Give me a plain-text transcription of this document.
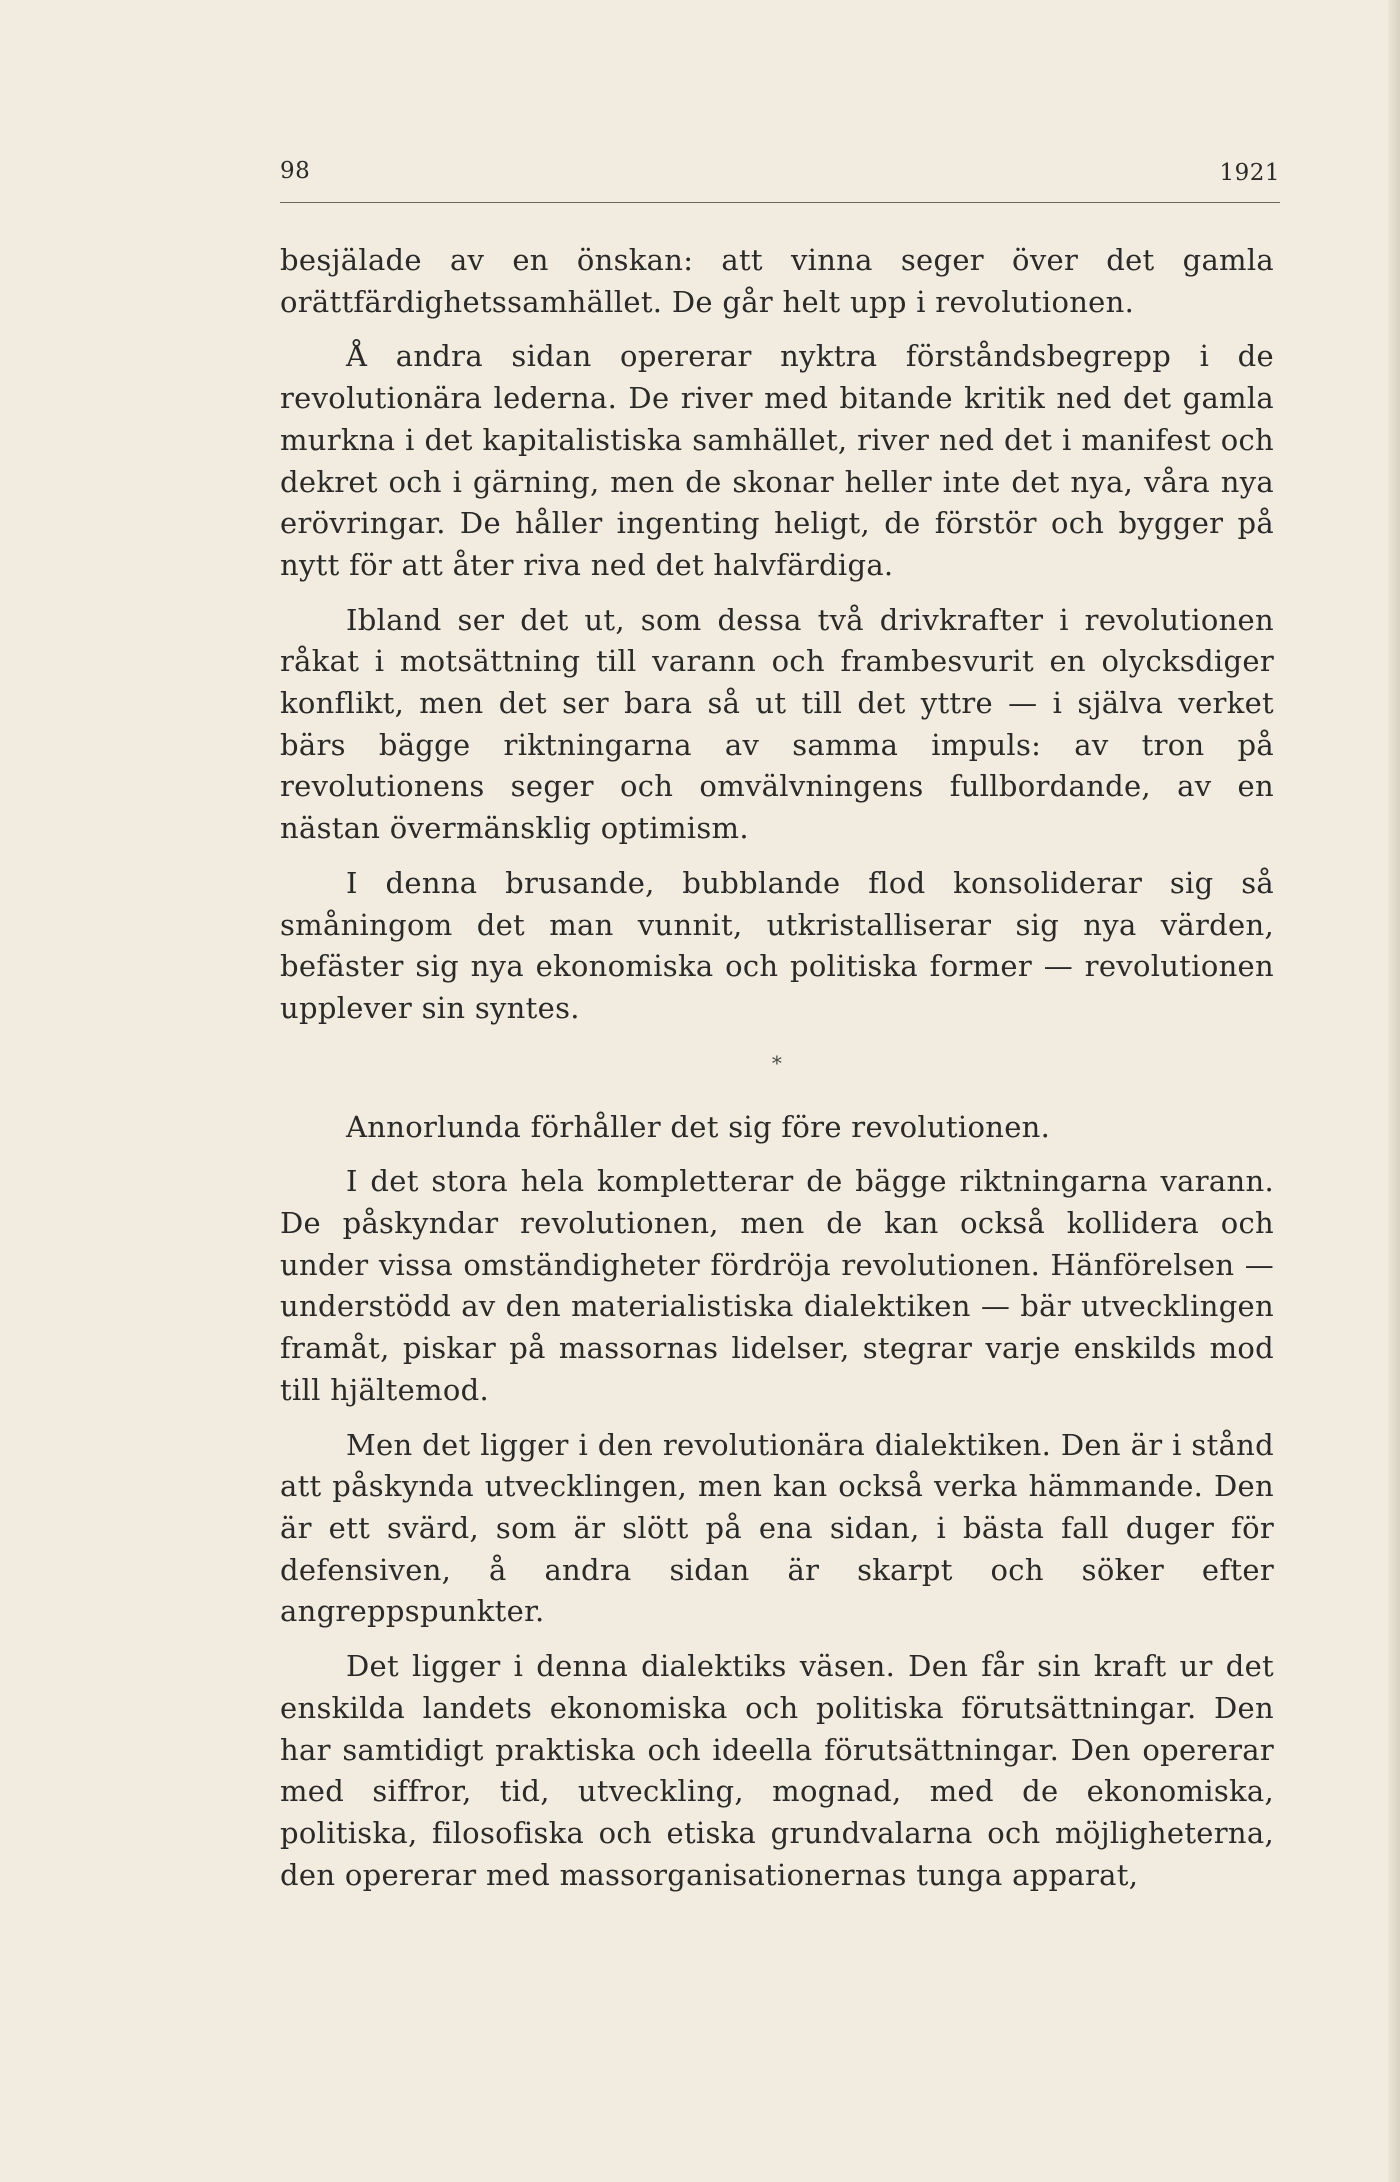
98	1921

besjälade av en önskan: att vinna seger över det gamla orättfärdighetssamhället. De går helt upp i revolutionen.

Å andra sidan opererar nyktra förståndsbegrepp i de revolutionära lederna. De river med bitande kritik ned det gamla murkna i det kapitalistiska samhället, river ned det i manifest och dekret och i gärning, men de skonar heller inte det nya, våra nya erövringar. De håller ingenting heligt, de förstör och bygger på nytt för att åter riva ned det halvfärdiga.

Ibland ser det ut, som dessa två drivkrafter i revolutionen råkat i motsättning till varann och frambesvurit en olycksdiger konflikt, men det ser bara så ut till det yttre — i själva verket bärs bägge riktningarna av samma impuls: av tron på revolutionens seger och omvälvningens fullbordande, av en nästan övermänsklig optimism.

I denna brusande, bubblande flod konsoliderar sig så småningom det man vunnit, utkristalliserar sig nya värden, befäster sig nya ekonomiska och politiska former — revolutionen upplever sin syntes.

*

Annorlunda förhåller det sig före revolutionen.

I det stora hela kompletterar de bägge riktningarna varann. De påskyndar revolutionen, men de kan också kollidera och under vissa omständigheter fördröja revolutionen. Hänförelsen — understödd av den materialistiska dialektiken — bär utvecklingen framåt, piskar på massornas lidelser, stegrar varje enskilds mod till hjältemod.

Men det ligger i den revolutionära dialektiken. Den är i stånd att påskynda utvecklingen, men kan också verka hämmande. Den är ett svärd, som är slött på ena sidan, i bästa fall duger för defensiven, å andra sidan är skarpt och söker efter angreppspunkter.

Det ligger i denna dialektiks väsen. Den får sin kraft ur det enskilda landets ekonomiska och politiska förutsättningar. Den har samtidigt praktiska och ideella förutsättningar. Den opererar med siffror, tid, utveckling, mognad, med de ekonomiska, politiska, filosofiska och etiska grundvalarna och möjligheterna, den opererar med massorganisationernas tunga apparat,
